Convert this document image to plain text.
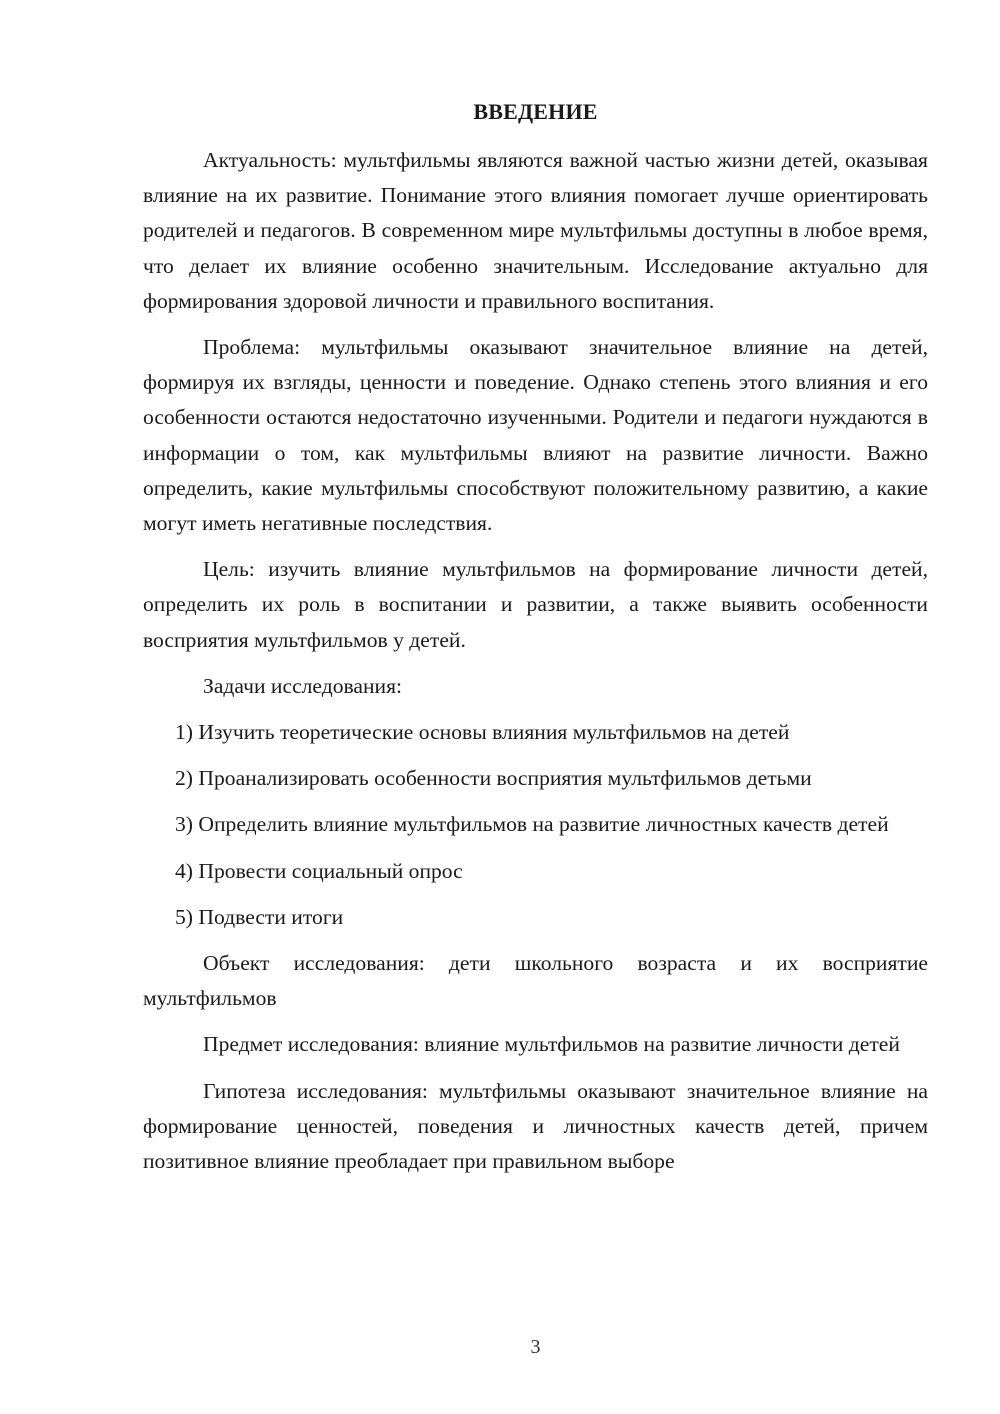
ВВЕДЕНИЕ

Актуальность: мультфильмы являются важной частью жизни детей, оказывая влияние на их развитие. Понимание этого влияния помогает лучше ориентировать родителей и педагогов. В современном мире мультфильмы доступны в любое время, что делает их влияние особенно значительным. Исследование актуально для формирования здоровой личности и правильного воспитания.

Проблема: мультфильмы оказывают значительное влияние на детей, формируя их взгляды, ценности и поведение. Однако степень этого влияния и его особенности остаются недостаточно изученными. Родители и педагоги нуждаются в информации о том, как мультфильмы влияют на развитие личности. Важно определить, какие мультфильмы способствуют положительному развитию, а какие могут иметь негативные последствия.

Цель: изучить влияние мультфильмов на формирование личности детей, определить их роль в воспитании и развитии, а также выявить особенности восприятия мультфильмов у детей.

Задачи исследования:

1) Изучить теоретические основы влияния мультфильмов на детей

2) Проанализировать особенности восприятия мультфильмов детьми

3) Определить влияние мультфильмов на развитие личностных качеств детей

4) Провести социальный опрос

5) Подвести итоги

Объект исследования: дети школьного возраста и их восприятие мультфильмов

Предмет исследования: влияние мультфильмов на развитие личности детей

Гипотеза исследования: мультфильмы оказывают значительное влияние на формирование ценностей, поведения и личностных качеств детей, причем позитивное влияние преобладает при правильном выборе

3
